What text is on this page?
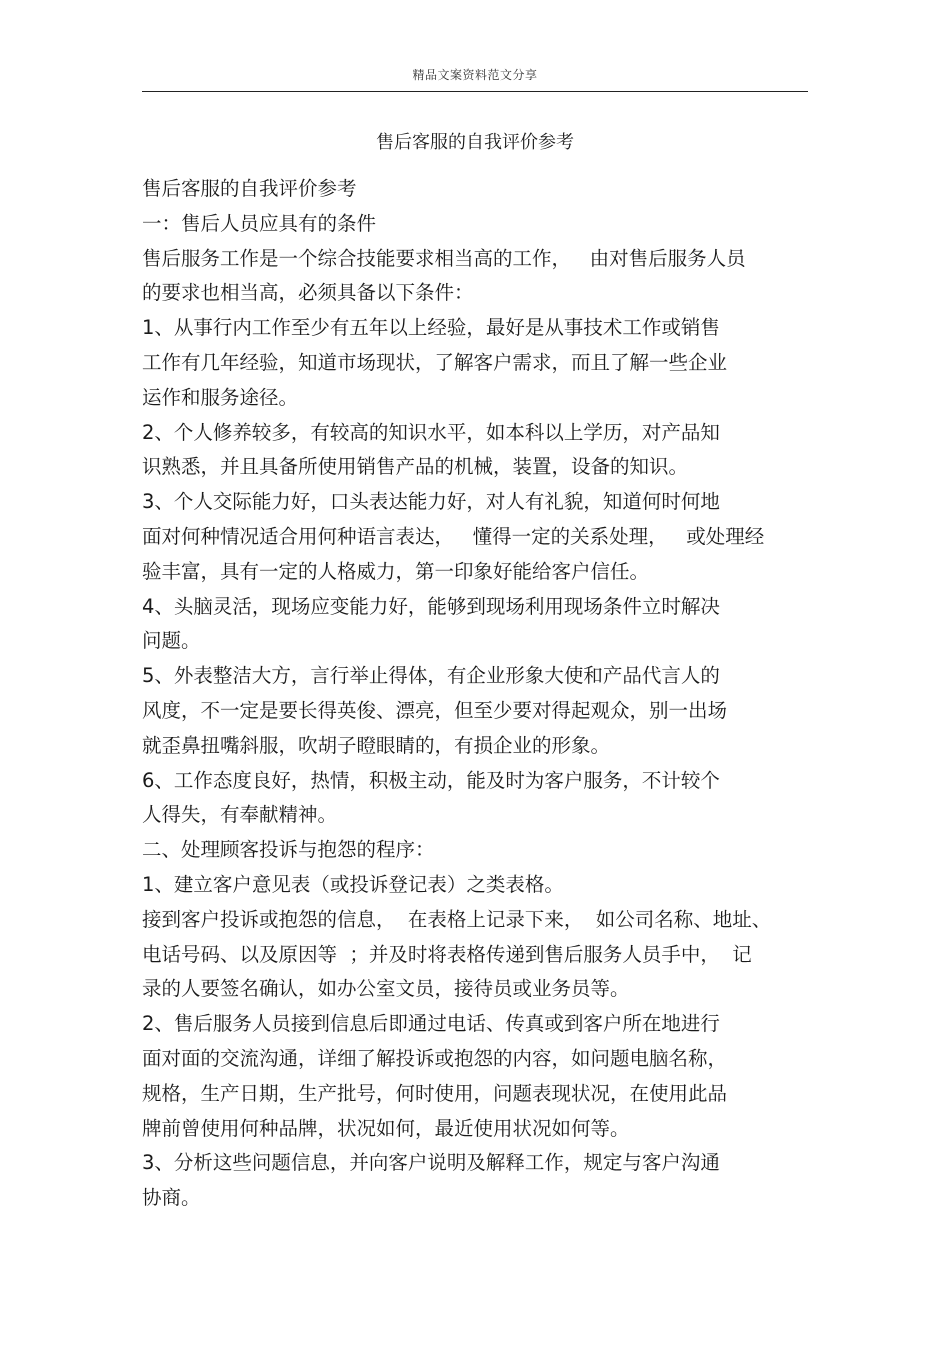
精品文案资料范文分享
售后客服的自我评价参考
售后客服的自我评价参考
一：售后人员应具有的条件
售后服务工作是一个综合技能要求相当高的工作，   由对售后服务人员
的要求也相当高，必须具备以下条件：
1、从事行内工作至少有五年以上经验，最好是从事技术工作或销售
工作有几年经验，知道市场现状，了解客户需求，而且了解一些企业
运作和服务途径。
2、个人修养较多，有较高的知识水平，如本科以上学历，对产品知
识熟悉，并且具备所使用销售产品的机械，装置，设备的知识。
3、个人交际能力好，口头表达能力好，对人有礼貌，知道何时何地
面对何种情况适合用何种语言表达，   懂得一定的关系处理，   或处理经
验丰富，具有一定的人格威力，第一印象好能给客户信任。
4、头脑灵活，现场应变能力好，能够到现场利用现场条件立时解决
问题。
5、外表整洁大方，言行举止得体，有企业形象大使和产品代言人的
风度，不一定是要长得英俊、漂亮，但至少要对得起观众，别一出场
就歪鼻扭嘴斜服，吹胡子瞪眼睛的，有损企业的形象。
6、工作态度良好，热情，积极主动，能及时为客户服务，不计较个
人得失，有奉献精神。
二、处理顾客投诉与抱怨的程序：
1、建立客户意见表（或投诉登记表）之类表格。
接到客户投诉或抱怨的信息，  在表格上记录下来，  如公司名称、地址、
电话号码、以及原因等  ；并及时将表格传递到售后服务人员手中，  记
录的人要签名确认，如办公室文员，接待员或业务员等。
2、售后服务人员接到信息后即通过电话、传真或到客户所在地进行
面对面的交流沟通，详细了解投诉或抱怨的内容，如问题电脑名称，
规格，生产日期，生产批号，何时使用，问题表现状况，在使用此品
牌前曾使用何种品牌，状况如何，最近使用状况如何等。
3、分析这些问题信息，并向客户说明及解释工作，规定与客户沟通
协商。
